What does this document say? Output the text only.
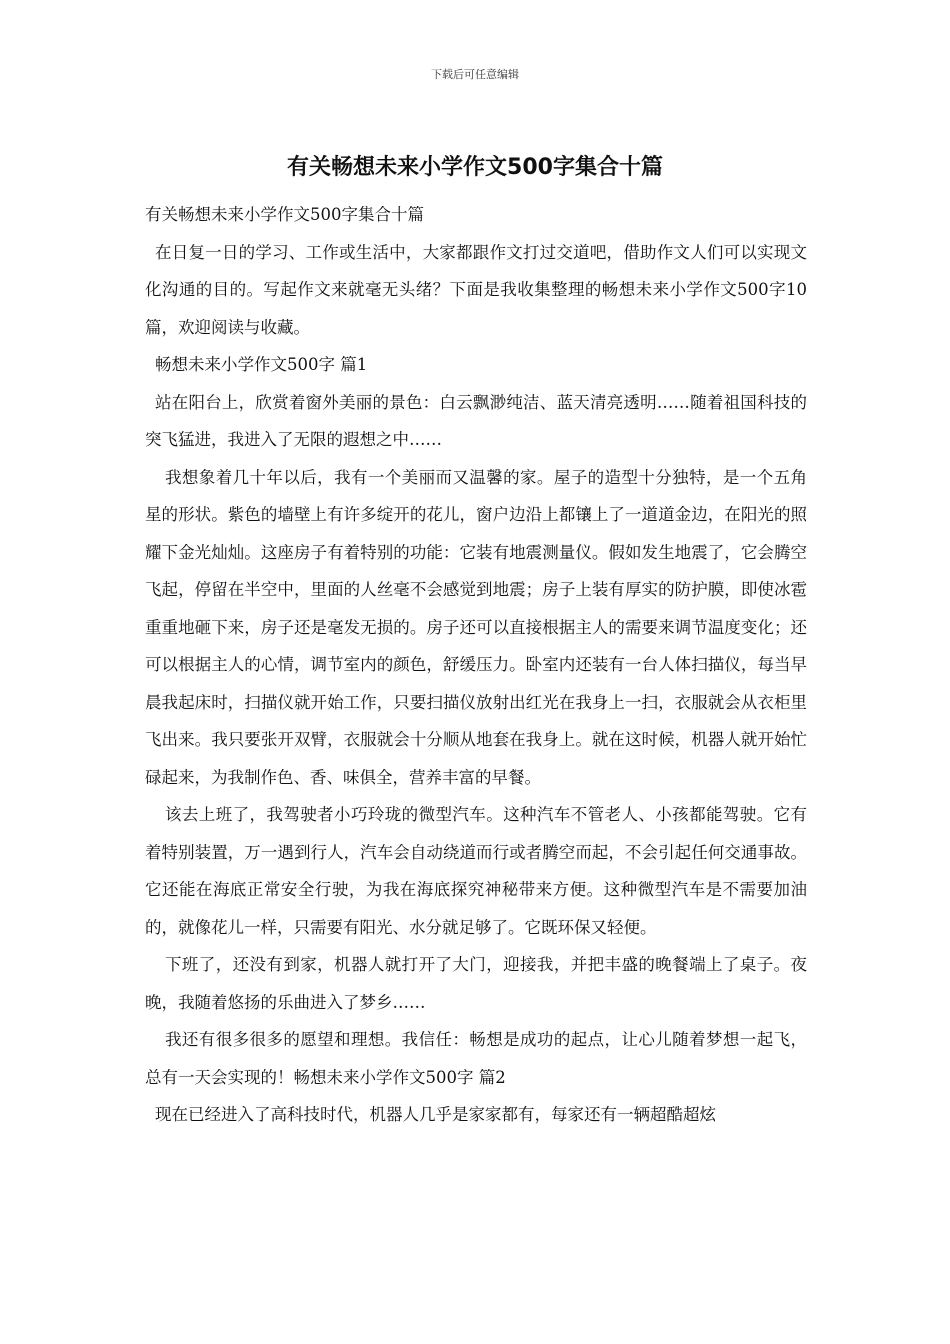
下载后可任意编辑
有关畅想未来小学作文500字集合十篇

有关畅想未来小学作文500字集合十篇

在日复一日的学习、工作或生活中，大家都跟作文打过交道吧，借助作文人们可以实现文化沟通的目的。写起作文来就毫无头绪？下面是我收集整理的畅想未来小学作文500字10篇，欢迎阅读与收藏。

畅想未来小学作文500字 篇1

站在阳台上，欣赏着窗外美丽的景色：白云飘渺纯洁、蓝天清亮透明……随着祖国科技的突飞猛进，我进入了无限的遐想之中……

我想象着几十年以后，我有一个美丽而又温馨的家。屋子的造型十分独特，是一个五角星的形状。紫色的墙壁上有许多绽开的花儿，窗户边沿上都镶上了一道道金边，在阳光的照耀下金光灿灿。这座房子有着特别的功能：它装有地震测量仪。假如发生地震了，它会腾空飞起，停留在半空中，里面的人丝毫不会感觉到地震；房子上装有厚实的防护膜，即使冰雹重重地砸下来，房子还是毫发无损的。房子还可以直接根据主人的需要来调节温度变化；还可以根据主人的心情，调节室内的颜色，舒缓压力。卧室内还装有一台人体扫描仪，每当早晨我起床时，扫描仪就开始工作，只要扫描仪放射出红光在我身上一扫，衣服就会从衣柜里飞出来。我只要张开双臂，衣服就会十分顺从地套在我身上。就在这时候，机器人就开始忙碌起来，为我制作色、香、味俱全，营养丰富的早餐。

该去上班了，我驾驶者小巧玲珑的微型汽车。这种汽车不管老人、小孩都能驾驶。它有着特别装置，万一遇到行人，汽车会自动绕道而行或者腾空而起，不会引起任何交通事故。它还能在海底正常安全行驶，为我在海底探究神秘带来方便。这种微型汽车是不需要加油的，就像花儿一样，只需要有阳光、水分就足够了。它既环保又轻便。

下班了，还没有到家，机器人就打开了大门，迎接我，并把丰盛的晚餐端上了桌子。夜晚，我随着悠扬的乐曲进入了梦乡……

我还有很多很多的愿望和理想。我信任：畅想是成功的起点，让心儿随着梦想一起飞，总有一天会实现的！畅想未来小学作文500字 篇2

现在已经进入了高科技时代，机器人几乎是家家都有，每家还有一辆超酷超炫
